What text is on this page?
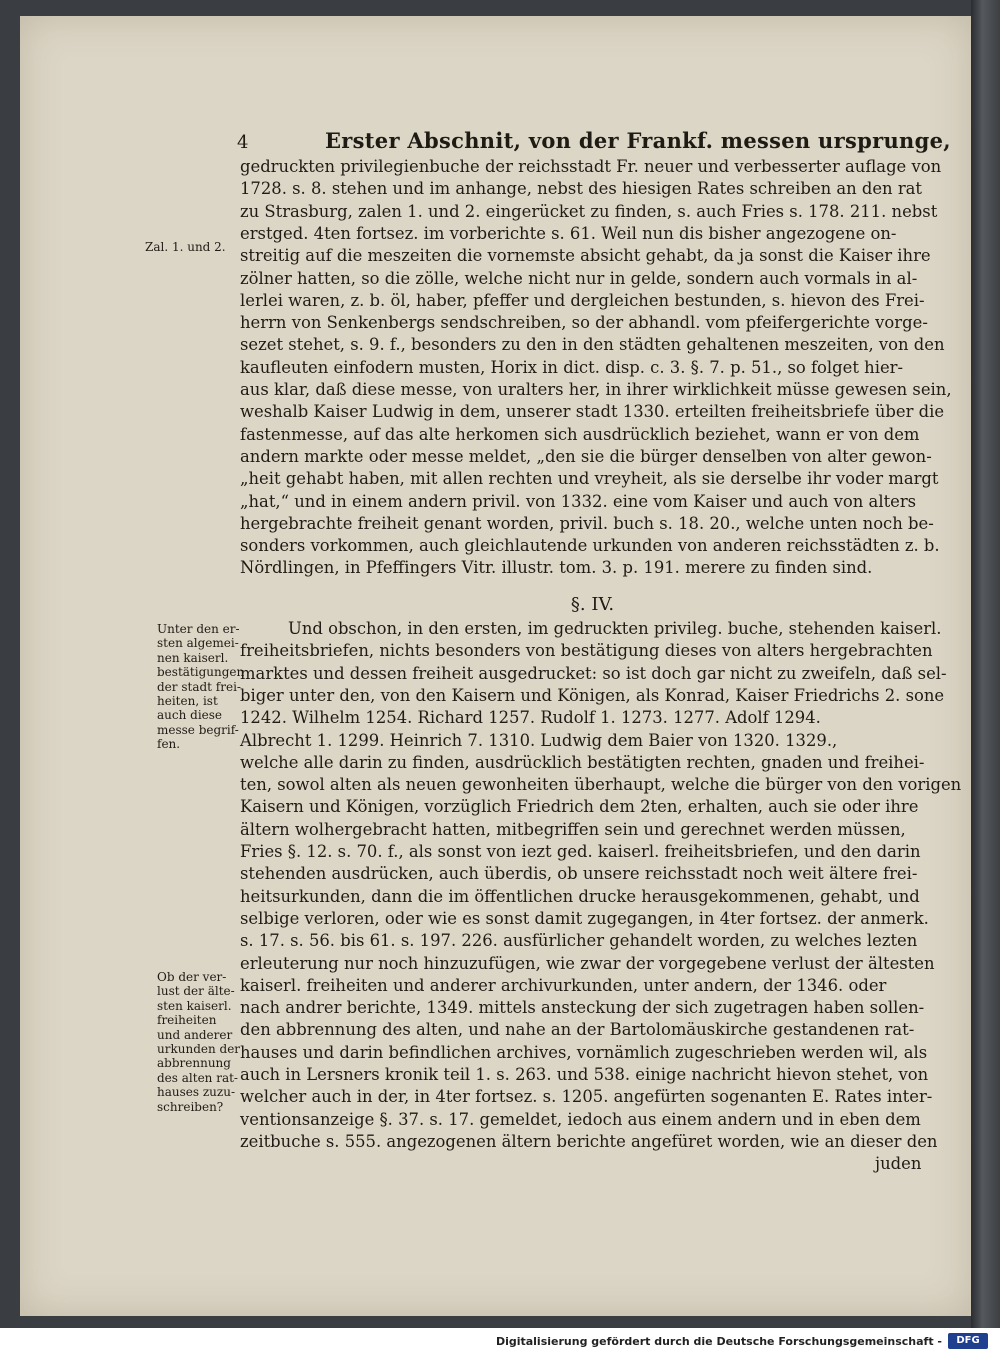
4	Erster Abschnit, von der Frankf. messen ursprunge,
gedruckten privilegienbuche der reichsstadt Fr. neuer und verbesserter auflage von
1728. s. 8. stehen und im anhange, nebst des hiesigen Rates schreiben an den rat
zu Strasburg, zalen 1. und 2. eingerücket zu finden, s. auch Fries s. 178. 211. nebst
erstged. 4ten fortsez. im vorberichte s. 61. Weil nun dis bisher angezogene on-
streitig auf die meszeiten die vornemste absicht gehabt, da ja sonst die Kaiser ihre
zölner hatten, so die zölle, welche nicht nur in gelde, sondern auch vormals in al-
lerlei waren, z. b. öl, haber, pfeffer und dergleichen bestunden, s. hievon des Frei-
herrn von Senkenbergs sendschreiben, so der abhandl. vom pfeifergerichte vorge-
sezet stehet, s. 9. f., besonders zu den in den städten gehaltenen meszeiten, von den
kaufleuten einfodern musten, Horix in dict. disp. c. 3. §. 7. p. 51., so folget hier-
aus klar, daß diese messe, von uralters her, in ihrer wirklichkeit müsse gewesen sein,
weshalb Kaiser Ludwig in dem, unserer stadt 1330. erteilten freiheitsbriefe über die
fastenmesse, auf das alte herkomen sich ausdrücklich beziehet, wann er von dem
andern markte oder messe meldet, „den sie die bürger denselben von alter gewon-
„heit gehabt haben, mit allen rechten und vreyheit, als sie derselbe ihr voder margt
„hat,“ und in einem andern privil. von 1332. eine vom Kaiser und auch von alters
hergebrachte freiheit genant worden, privil. buch s. 18. 20., welche unten noch be-
sonders vorkommen, auch gleichlautende urkunden von anderen reichsstädten z. b.
Nördlingen, in Pfeffingers Vitr. illustr. tom. 3. p. 191. merere zu finden sind.
Und obschon, in den ersten, im gedruckten privileg. buche, stehenden kaiserl.
freiheitsbriefen, nichts besonders von bestätigung dieses von alters hergebrachten
marktes und dessen freiheit ausgedrucket: so ist doch gar nicht zu zweifeln, daß sel-
biger unter den, von den Kaisern und Königen, als Konrad, Kaiser Friedrichs 2. sone
1242. Wilhelm 1254. Richard 1257. Rudolf 1. 1273. 1277. Adolf 1294.
Albrecht 1. 1299. Heinrich 7. 1310. Ludwig dem Baier von 1320. 1329.,
welche alle darin zu finden, ausdrücklich bestätigten rechten, gnaden und freihei-
ten, sowol alten als neuen gewonheiten überhaupt, welche die bürger von den vorigen
Kaisern und Königen, vorzüglich Friedrich dem 2ten, erhalten, auch sie oder ihre
ältern wolhergebracht hatten, mitbegriffen sein und gerechnet werden müssen,
Fries §. 12. s. 70. f., als sonst von iezt ged. kaiserl. freiheitsbriefen, und den darin
stehenden ausdrücken, auch überdis, ob unsere reichsstadt noch weit ältere frei-
heitsurkunden, dann die im öffentlichen drucke herausgekommenen, gehabt, und
selbige verloren, oder wie es sonst damit zugegangen, in 4ter fortsez. der anmerk.
s. 17. s. 56. bis 61. s. 197. 226. ausfürlicher gehandelt worden, zu welches lezten
erleuterung nur noch hinzuzufügen, wie zwar der vorgegebene verlust der ältesten
kaiserl. freiheiten und anderer archivurkunden, unter andern, der 1346. oder
nach andrer berichte, 1349. mittels ansteckung der sich zugetragen haben sollen-
den abbrennung des alten, und nahe an der Bartolomäuskirche gestandenen rat-
hauses und darin befindlichen archives, vornämlich zugeschrieben werden wil, als
auch in Lersners kronik teil 1. s. 263. und 538. einige nachricht hievon stehet, von
welcher auch in der, in 4ter fortsez. s. 1205. angefürten sogenanten E. Rates inter-
ventionsanzeige §. 37. s. 17. gemeldet, iedoch aus einem andern und in eben dem
zeitbuche s. 555. angezogenen ältern berichte angefüret worden, wie an dieser den
juden
§. IV.
Zal. 1. und 2.
Unter den er-
sten algemei-
nen kaiserl.
bestätigungen
der stadt frei-
heiten, ist
auch diese
messe begrif-
fen.
Ob der ver-
lust der älte-
sten kaiserl.
freiheiten
und anderer
urkunden der
abbrennung
des alten rat-
hauses zuzu-
schreiben?
Digitalisierung gefördert durch die Deutsche Forschungsgemeinschaft -	DFG
